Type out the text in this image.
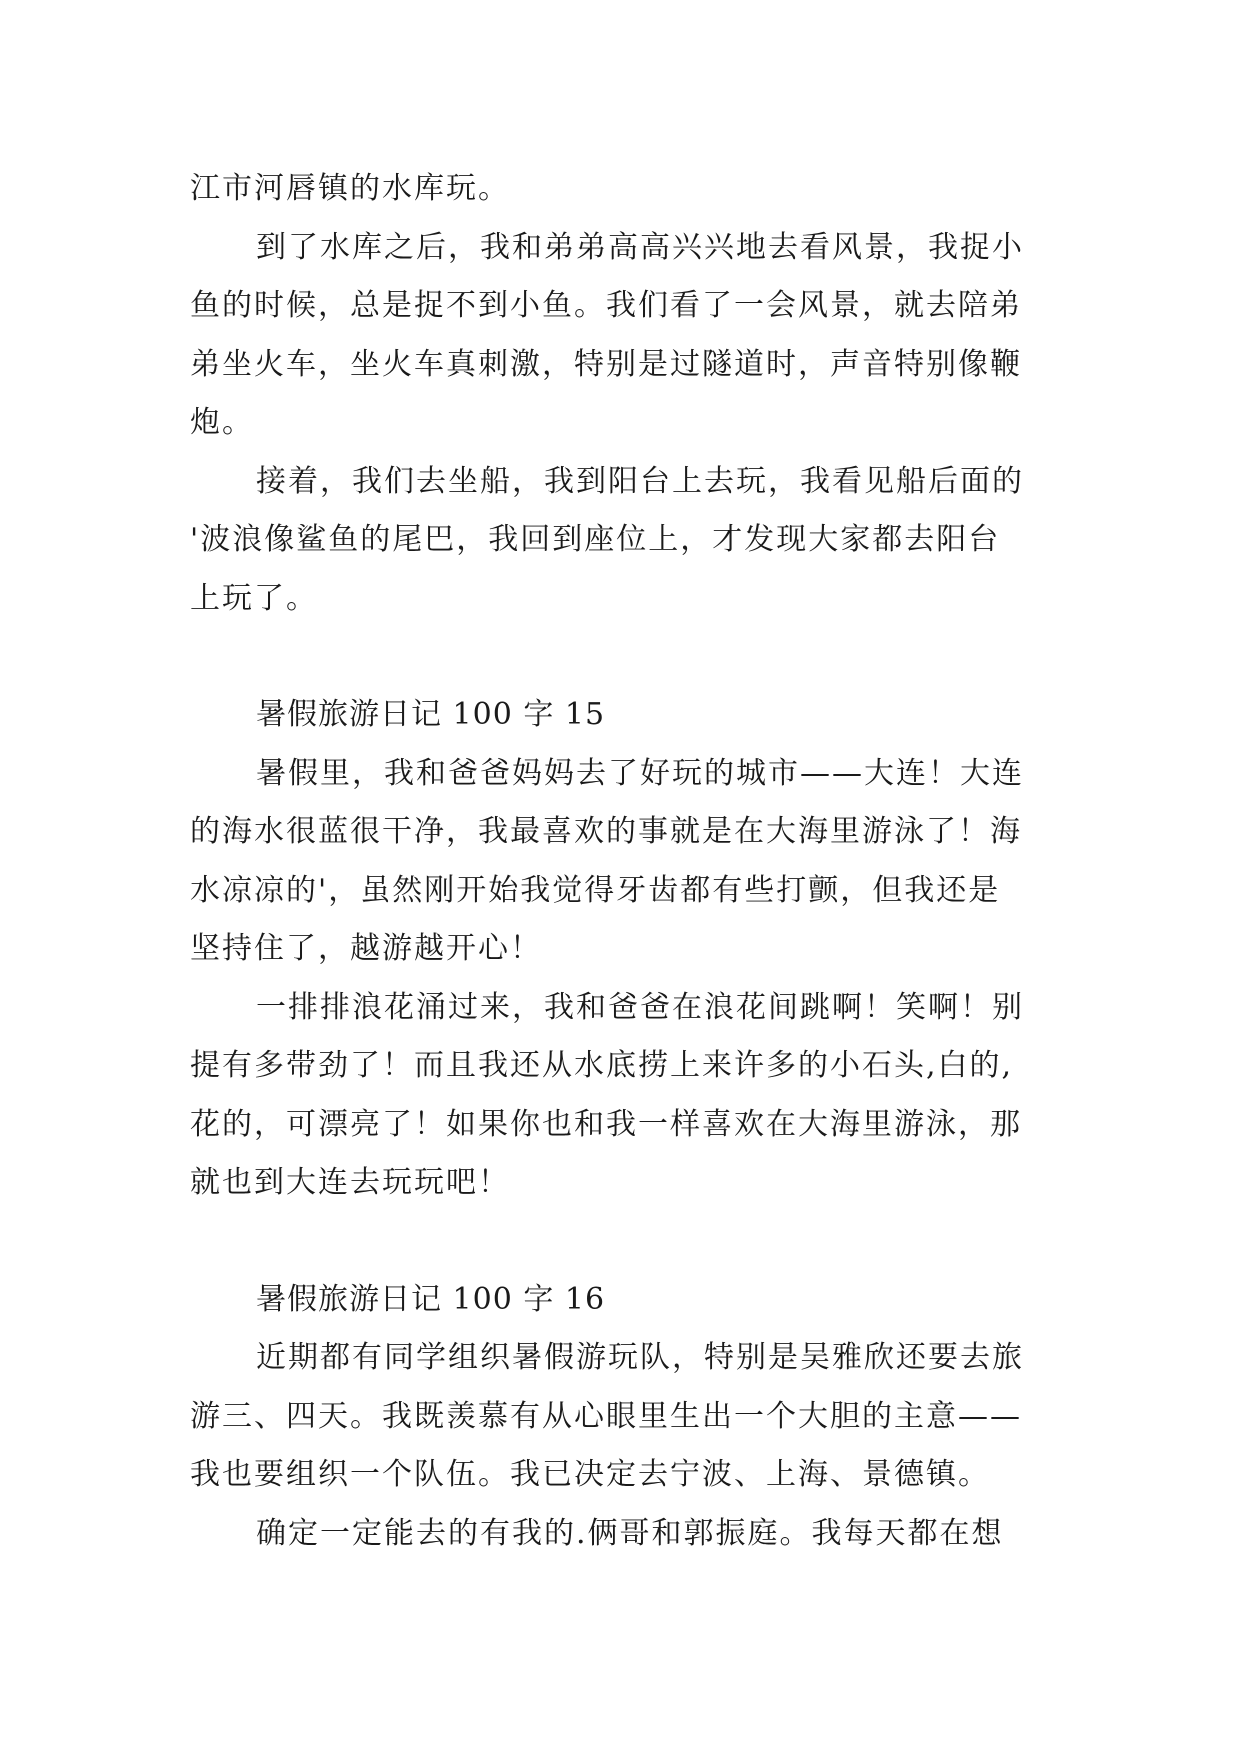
江市河唇镇的水库玩。
到了水库之后，我和弟弟高高兴兴地去看风景，我捉小
鱼的时候，总是捉不到小鱼。我们看了一会风景，就去陪弟
弟坐火车，坐火车真刺激，特别是过隧道时，声音特别像鞭
炮。
接着，我们去坐船，我到阳台上去玩，我看见船后面的
'波浪像鲨鱼的尾巴，我回到座位上，才发现大家都去阳台
上玩了。
暑假旅游日记 100 字 15
暑假里，我和爸爸妈妈去了好玩的城市——大连！大连
的海水很蓝很干净，我最喜欢的事就是在大海里游泳了！海
水凉凉的'，虽然刚开始我觉得牙齿都有些打颤，但我还是
坚持住了，越游越开心！
一排排浪花涌过来，我和爸爸在浪花间跳啊！笑啊！别
提有多带劲了！而且我还从水底捞上来许多的小石头,白的,
花的，可漂亮了！如果你也和我一样喜欢在大海里游泳，那
就也到大连去玩玩吧！
暑假旅游日记 100 字 16
近期都有同学组织暑假游玩队，特别是吴雅欣还要去旅
游三、四天。我既羡慕有从心眼里生出一个大胆的主意——
我也要组织一个队伍。我已决定去宁波、上海、景德镇。
确定一定能去的有我的.俩哥和郭振庭。我每天都在想
